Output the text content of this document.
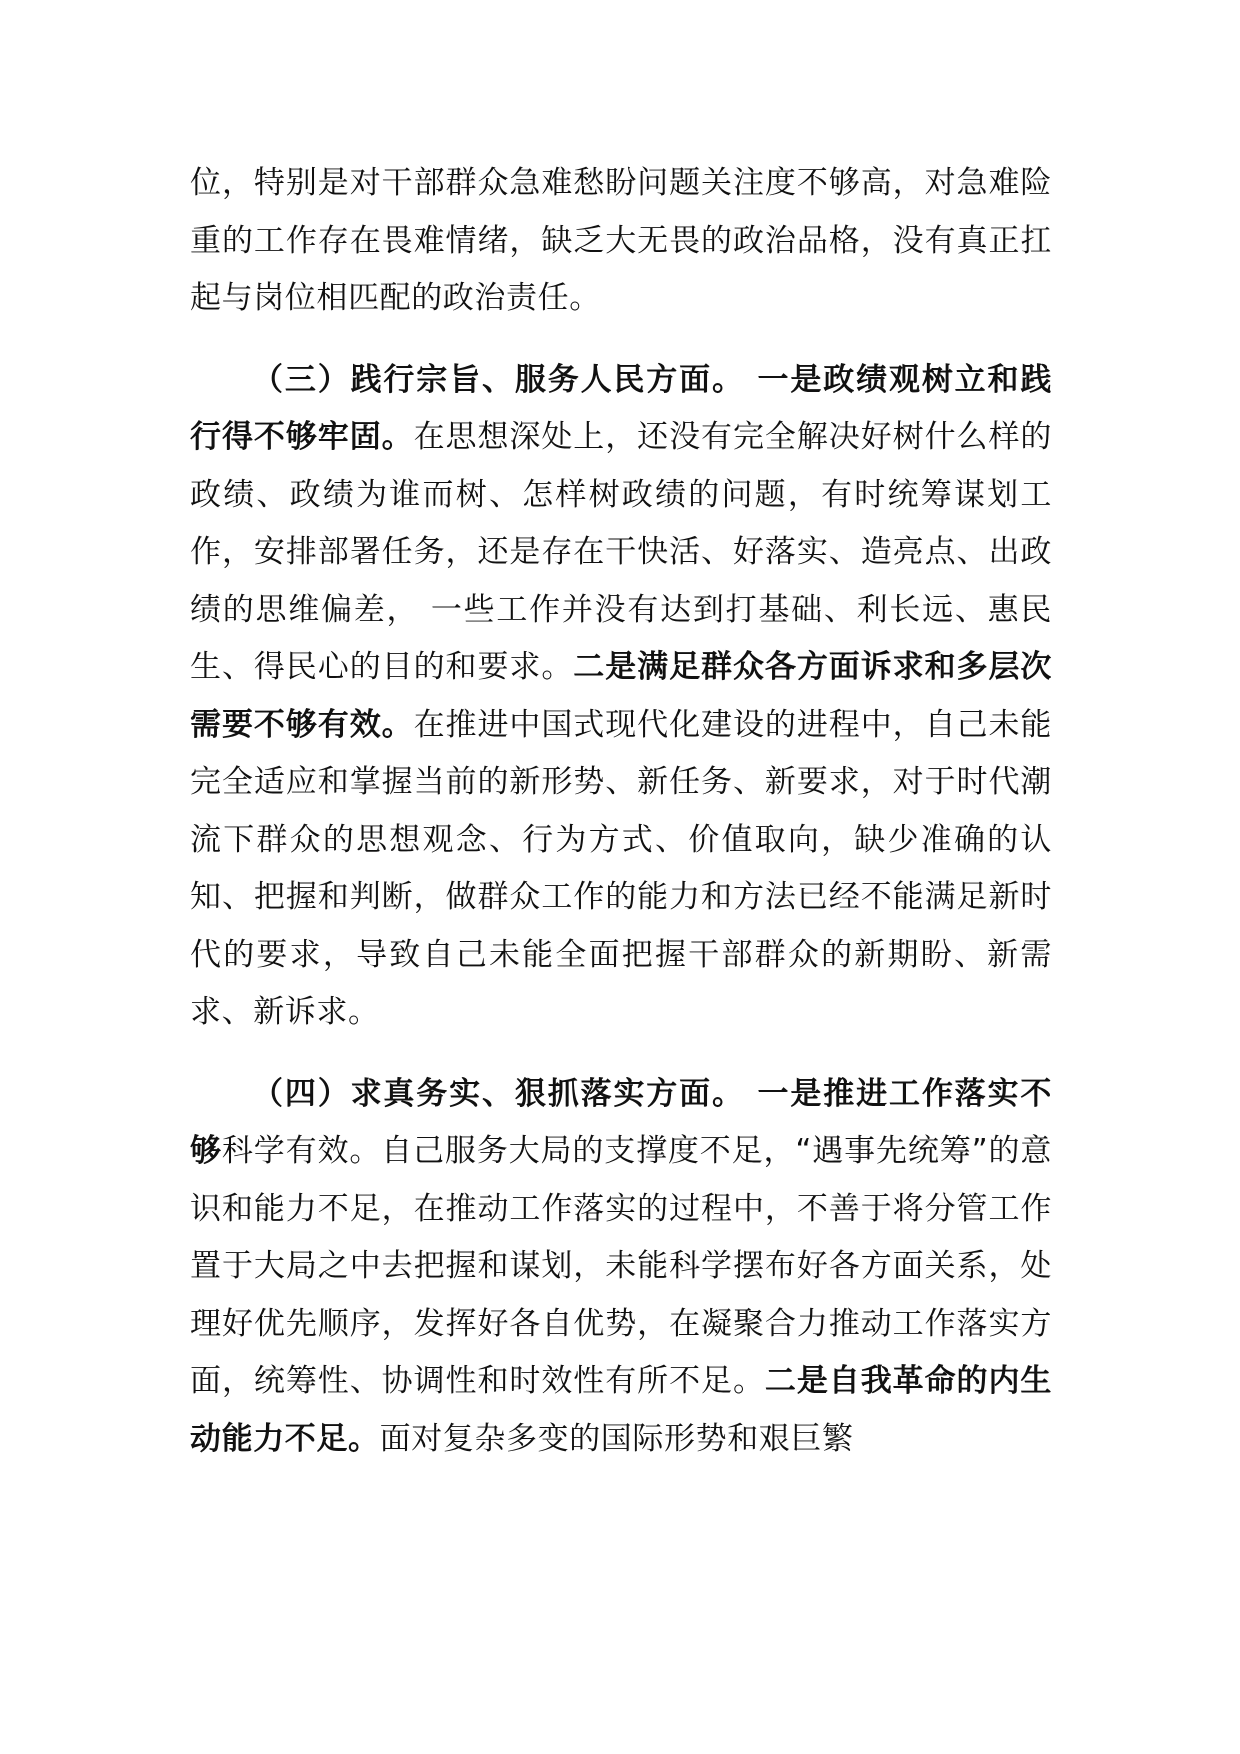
位，特别是对干部群众急难愁盼问题关注度不够高，对急难险重的工作存在畏难情绪，缺乏大无畏的政治品格，没有真正扛起与岗位相匹配的政治责任。

（三）践行宗旨、服务人民方面。 一是政绩观树立和践行得不够牢固。在思想深处上，还没有完全解决好树什么样的政绩、政绩为谁而树、怎样树政绩的问题，有时统筹谋划工作，安排部署任务，还是存在干快活、好落实、造亮点、出政绩的思维偏差， 一些工作并没有达到打基础、利长远、惠民生、得民心的目的和要求。二是满足群众各方面诉求和多层次需要不够有效。在推进中国式现代化建设的进程中，自己未能完全适应和掌握当前的新形势、新任务、新要求，对于时代潮流下群众的思想观念、行为方式、价值取向，缺少准确的认知、把握和判断，做群众工作的能力和方法已经不能满足新时代的要求，导致自己未能全面把握干部群众的新期盼、新需求、新诉求。

（四）求真务实、狠抓落实方面。 一是推进工作落实不够科学有效。自己服务大局的支撑度不足，“遇事先统筹”的意识和能力不足，在推动工作落实的过程中，不善于将分管工作置于大局之中去把握和谋划，未能科学摆布好各方面关系，处理好优先顺序，发挥好各自优势，在凝聚合力推动工作落实方面，统筹性、协调性和时效性有所不足。二是自我革命的内生动能力不足。面对复杂多变的国际形势和艰巨繁
